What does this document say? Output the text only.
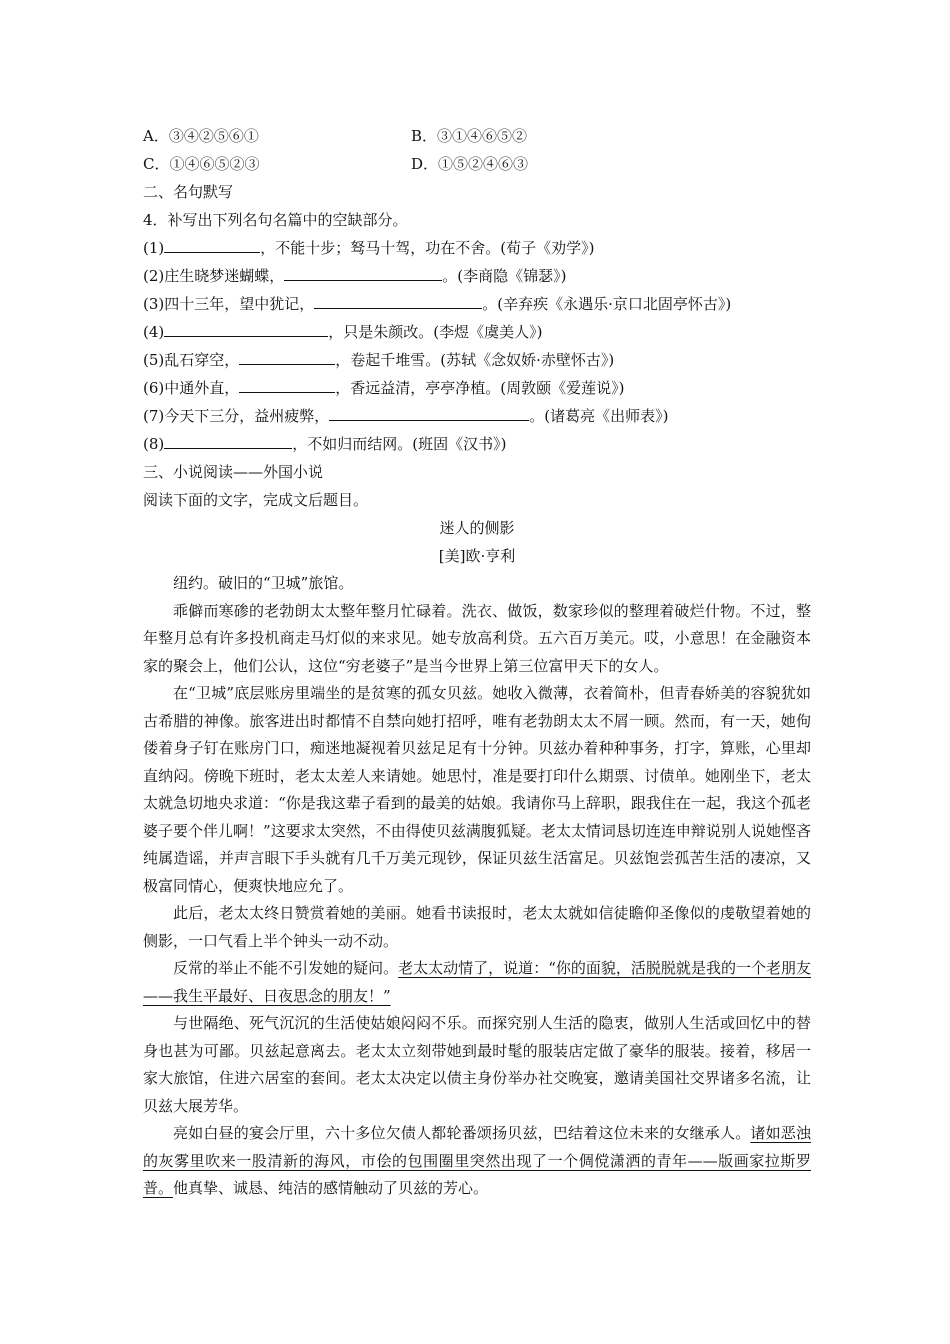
A．③④②⑤⑥①	B．③①④⑥⑤②
C．①④⑥⑤②③	D．①⑤②④⑥③
二、名句默写
4．补写出下列名句名篇中的空缺部分。
(1)	，不能十步；驽马十驾，功在不舍。(荀子《劝学》)
(2)庄生晓梦迷蝴蝶，	。(李商隐《锦瑟》)
(3)四十三年，望中犹记，	。(辛弃疾《永遇乐·京口北固亭怀古》)
(4)	，只是朱颜改。(李煜《虞美人》)
(5)乱石穿空，	，卷起千堆雪。(苏轼《念奴娇·赤壁怀古》)
(6)中通外直，	，香远益清，亭亭净植。(周敦颐《爱莲说》)
(7)今天下三分，益州疲弊，	。(诸葛亮《出师表》)
(8)	，不如归而结网。(班固《汉书》)
三、小说阅读——外国小说
阅读下面的文字，完成文后题目。
迷人的侧影
[美]欧·亨利

纽约。破旧的“卫城”旅馆。

乖僻而寒碜的老勃朗太太整年整月忙碌着。洗衣、做饭，数家珍似的整理着破烂什物。不过，整年整月总有许多投机商走马灯似的来求见。她专放高利贷。五六百万美元。哎，小意思！在金融资本家的聚会上，他们公认，这位“穷老婆子”是当今世界上第三位富甲天下的女人。

在“卫城”底层账房里端坐的是贫寒的孤女贝兹。她收入微薄，衣着简朴，但青春娇美的容貌犹如古希腊的神像。旅客进出时都情不自禁向她打招呼，唯有老勃朗太太不屑一顾。然而，有一天，她佝偻着身子钉在账房门口，痴迷地凝视着贝兹足足有十分钟。贝兹办着种种事务，打字，算账，心里却直纳闷。傍晚下班时，老太太差人来请她。她思忖，准是要打印什么期票、讨债单。她刚坐下，老太太就急切地央求道：“你是我这辈子看到的最美的姑娘。我请你马上辞职，跟我住在一起，我这个孤老婆子要个伴儿啊！”这要求太突然，不由得使贝兹满腹狐疑。老太太情词恳切连连申辩说别人说她悭吝纯属造谣，并声言眼下手头就有几千万美元现钞，保证贝兹生活富足。贝兹饱尝孤苦生活的凄凉，又极富同情心，便爽快地应允了。

此后，老太太终日赞赏着她的美丽。她看书读报时，老太太就如信徒瞻仰圣像似的虔敬望着她的侧影，一口气看上半个钟头一动不动。

反常的举止不能不引发她的疑问。老太太动情了，说道：“你的面貌，活脱脱就是我的一个老朋友——我生平最好、日夜思念的朋友！”

与世隔绝、死气沉沉的生活使姑娘闷闷不乐。而探究别人生活的隐衷，做别人生活或回忆中的替身也甚为可鄙。贝兹起意离去。老太太立刻带她到最时髦的服装店定做了豪华的服装。接着，移居一家大旅馆，住进六居室的套间。老太太决定以债主身份举办社交晚宴，邀请美国社交界诸多名流，让贝兹大展芳华。

亮如白昼的宴会厅里，六十多位欠债人都轮番颂扬贝兹，巴结着这位未来的女继承人。诸如恶浊的灰雾里吹来一股清新的海风，市侩的包围圈里突然出现了一个倜傥潇洒的青年——版画家拉斯罗普。他真挚、诚恳、纯洁的感情触动了贝兹的芳心。
